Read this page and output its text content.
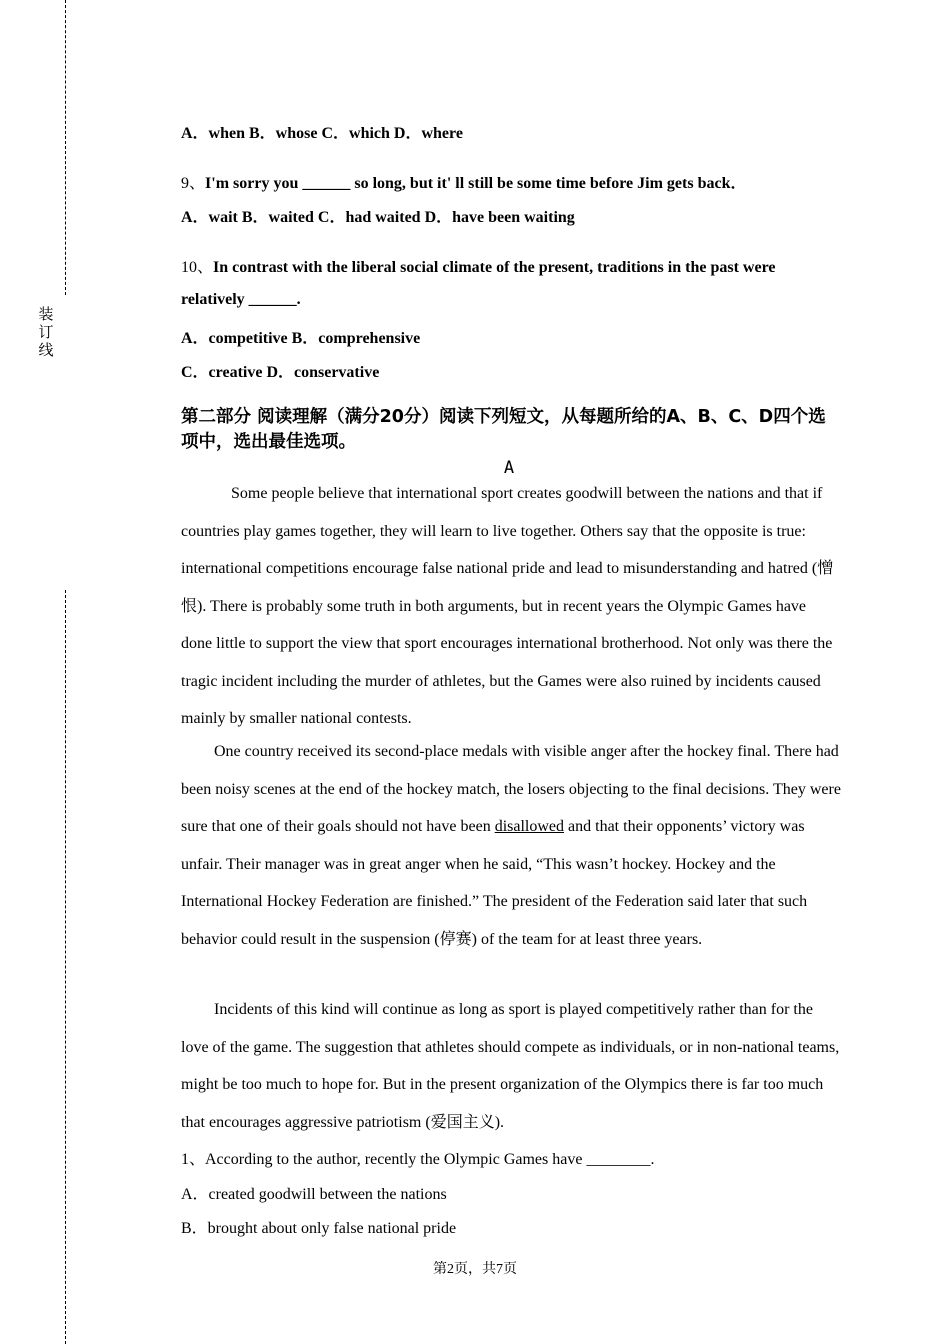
装订线
A．when B．whose C．which D．where
9、I'm sorry you ______ so long, but it' ll still be some time before Jim gets back．
A．wait B．waited C．had waited D．have been waiting
10、In contrast with the liberal social climate of the present, traditions in the past were
relatively ______.
A．competitive B．comprehensive
C．creative D．conservative
第二部分 阅读理解（满分20分）阅读下列短文，从每题所给的A、B、C、D四个选项中，选出最佳选项。
A
Some people believe that international sport creates goodwill between the nations and that if countries play games together, they will learn to live together. Others say that the opposite is true: international competitions encourage false national pride and lead to misunderstanding and hatred (憎恨). There is probably some truth in both arguments, but in recent years the Olympic Games have done little to support the view that sport encourages international brotherhood. Not only was there the tragic incident including the murder of athletes, but the Games were also ruined by incidents caused mainly by smaller national contests.
One country received its second-place medals with visible anger after the hockey final. There had been noisy scenes at the end of the hockey match, the losers objecting to the final decisions. They were sure that one of their goals should not have been disallowed and that their opponents’ victory was unfair. Their manager was in great anger when he said, “This wasn’t hockey. Hockey and the International Hockey Federation are finished.” The president of the Federation said later that such behavior could result in the suspension (停赛) of the team for at least three years.
Incidents of this kind will continue as long as sport is played competitively rather than for the love of the game. The suggestion that athletes should compete as individuals, or in non-national teams, might be too much to hope for. But in the present organization of the Olympics there is far too much that encourages aggressive patriotism (爱国主义).
1、According to the author, recently the Olympic Games have ________.
A．created goodwill between the nations
B．brought about only false national pride
第2页，共7页
